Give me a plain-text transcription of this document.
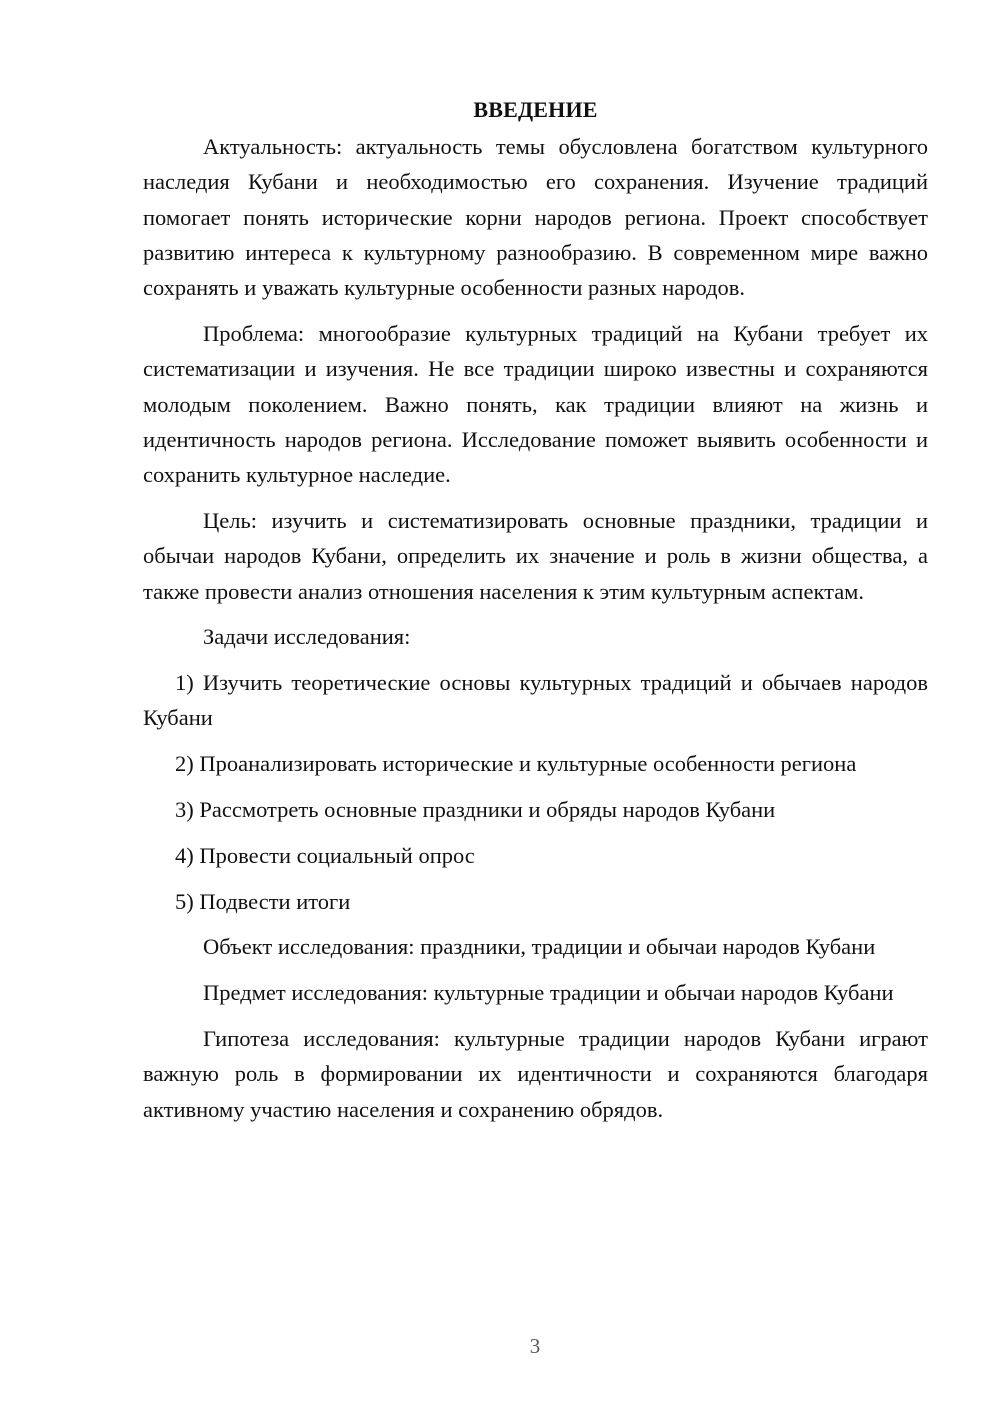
ВВЕДЕНИЕ

Актуальность: актуальность темы обусловлена богатством культурного наследия Кубани и необходимостью его сохранения. Изучение традиций помогает понять исторические корни народов региона. Проект способствует развитию интереса к культурному разнообразию. В современном мире важно сохранять и уважать культурные особенности разных народов.

Проблема: многообразие культурных традиций на Кубани требует их систематизации и изучения. Не все традиции широко известны и сохраняются молодым поколением. Важно понять, как традиции влияют на жизнь и идентичность народов региона. Исследование поможет выявить особенности и сохранить культурное наследие.

Цель: изучить и систематизировать основные праздники, традиции и обычаи народов Кубани, определить их значение и роль в жизни общества, а также провести анализ отношения населения к этим культурным аспектам.

Задачи исследования:

1) Изучить теоретические основы культурных традиций и обычаев народов Кубани

2) Проанализировать исторические и культурные особенности региона

3) Рассмотреть основные праздники и обряды народов Кубани

4) Провести социальный опрос

5) Подвести итоги

Объект исследования: праздники, традиции и обычаи народов Кубани

Предмет исследования: культурные традиции и обычаи народов Кубани

Гипотеза исследования: культурные традиции народов Кубани играют важную роль в формировании их идентичности и сохраняются благодаря активному участию населения и сохранению обрядов.

3
